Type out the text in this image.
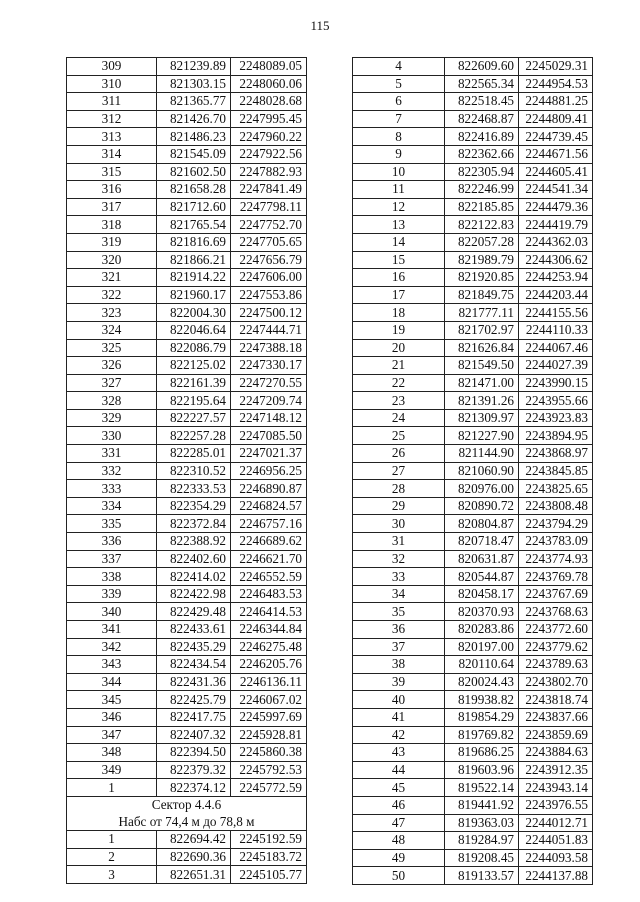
115
309	821239.89	2248089.05
310	821303.15	2248060.06
311	821365.77	2248028.68
312	821426.70	2247995.45
313	821486.23	2247960.22
314	821545.09	2247922.56
315	821602.50	2247882.93
316	821658.28	2247841.49
317	821712.60	2247798.11
318	821765.54	2247752.70
319	821816.69	2247705.65
320	821866.21	2247656.79
321	821914.22	2247606.00
322	821960.17	2247553.86
323	822004.30	2247500.12
324	822046.64	2247444.71
325	822086.79	2247388.18
326	822125.02	2247330.17
327	822161.39	2247270.55
328	822195.64	2247209.74
329	822227.57	2247148.12
330	822257.28	2247085.50
331	822285.01	2247021.37
332	822310.52	2246956.25
333	822333.53	2246890.87
334	822354.29	2246824.57
335	822372.84	2246757.16
336	822388.92	2246689.62
337	822402.60	2246621.70
338	822414.02	2246552.59
339	822422.98	2246483.53
340	822429.48	2246414.53
341	822433.61	2246344.84
342	822435.29	2246275.48
343	822434.54	2246205.76
344	822431.36	2246136.11
345	822425.79	2246067.02
346	822417.75	2245997.69
347	822407.32	2245928.81
348	822394.50	2245860.38
349	822379.32	2245792.53
1	822374.12	2245772.59
Сектор 4.4.6		
Набс от 74,4 м до 78,8 м		
1	822694.42	2245192.59
2	822690.36	2245183.72
3	822651.31	2245105.77
4	822609.60	2245029.31
5	822565.34	2244954.53
6	822518.45	2244881.25
7	822468.87	2244809.41
8	822416.89	2244739.45
9	822362.66	2244671.56
10	822305.94	2244605.41
11	822246.99	2244541.34
12	822185.85	2244479.36
13	822122.83	2244419.79
14	822057.28	2244362.03
15	821989.79	2244306.62
16	821920.85	2244253.94
17	821849.75	2244203.44
18	821777.11	2244155.56
19	821702.97	2244110.33
20	821626.84	2244067.46
21	821549.50	2244027.39
22	821471.00	2243990.15
23	821391.26	2243955.66
24	821309.97	2243923.83
25	821227.90	2243894.95
26	821144.90	2243868.97
27	821060.90	2243845.85
28	820976.00	2243825.65
29	820890.72	2243808.48
30	820804.87	2243794.29
31	820718.47	2243783.09
32	820631.87	2243774.93
33	820544.87	2243769.78
34	820458.17	2243767.69
35	820370.93	2243768.63
36	820283.86	2243772.60
37	820197.00	2243779.62
38	820110.64	2243789.63
39	820024.43	2243802.70
40	819938.82	2243818.74
41	819854.29	2243837.66
42	819769.82	2243859.69
43	819686.25	2243884.63
44	819603.96	2243912.35
45	819522.14	2243943.14
46	819441.92	2243976.55
47	819363.03	2244012.71
48	819284.97	2244051.83
49	819208.45	2244093.58
50	819133.57	2244137.88
